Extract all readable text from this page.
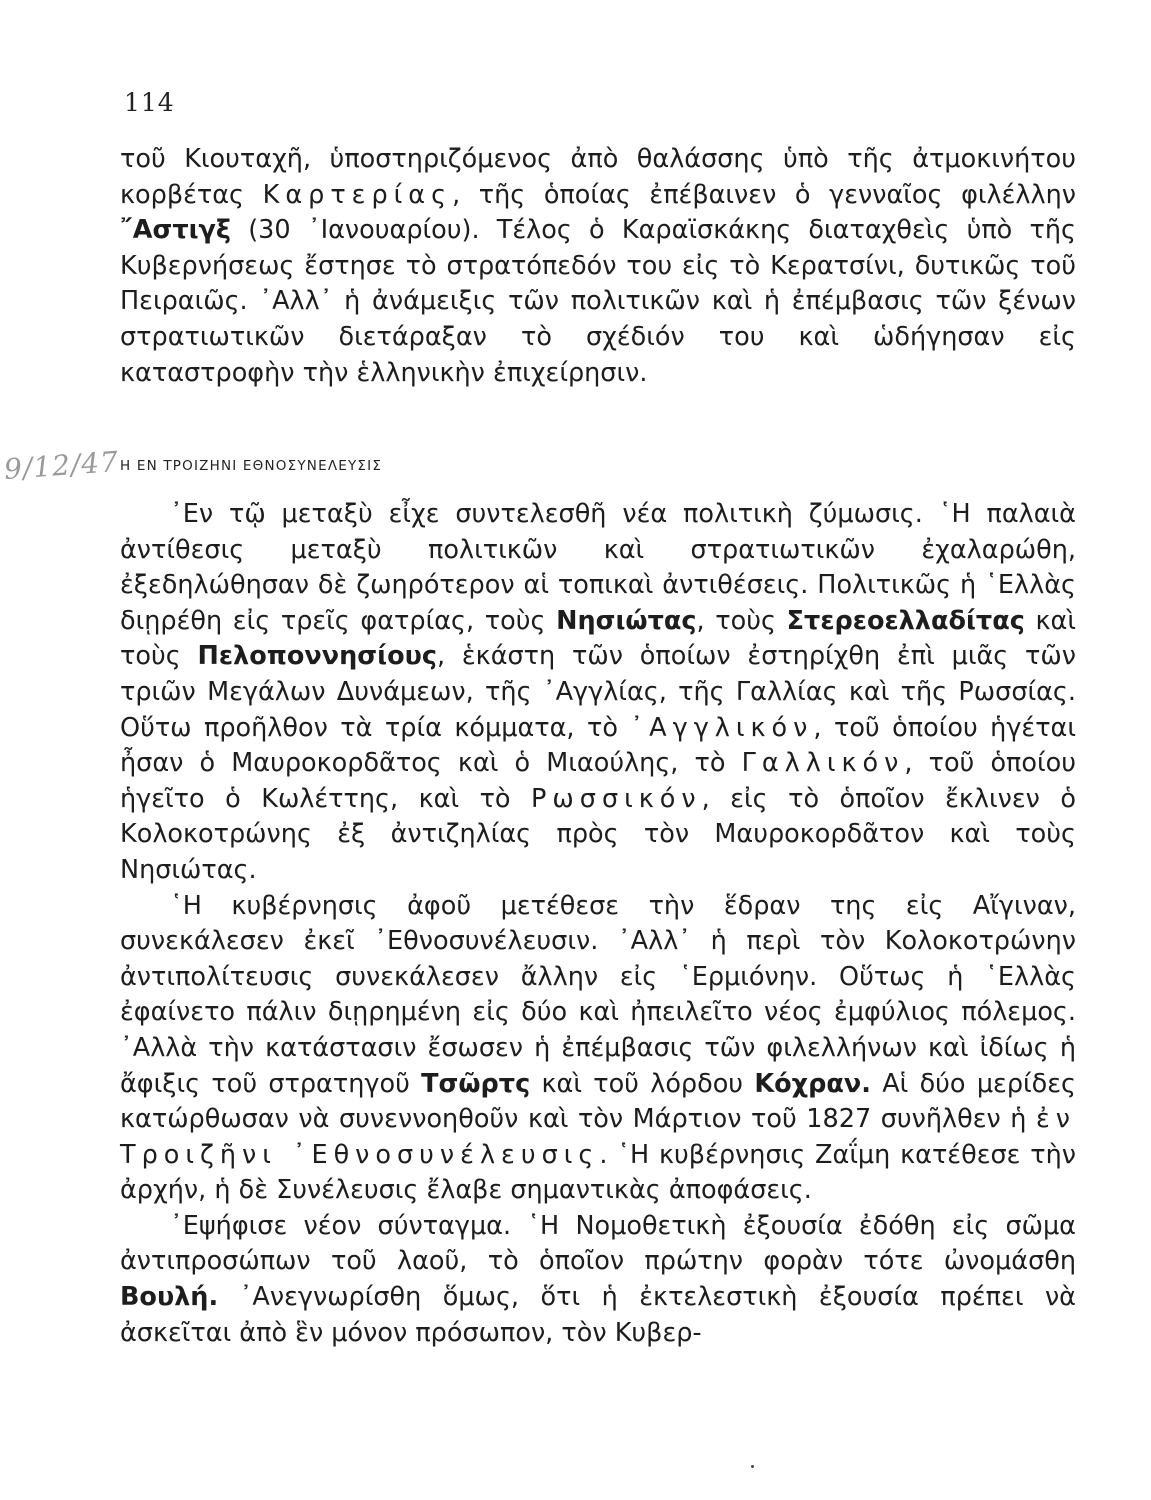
114

τοῦ Κιουταχῆ, ὑποστηριζόμενος ἀπὸ θαλάσσης ὑπὸ τῆς ἀτμοκινήτου κορβέτας Καρτερίας, τῆς ὁποίας ἐπέβαινεν ὁ γενναῖος φιλέλλην ῎Αστιγξ (30 ᾽Ιανουαρίου). Τέλος ὁ Καραϊσκάκης διαταχθεὶς ὑπὸ τῆς Κυβερνήσεως ἔστησε τὸ στρατόπεδόν του εἰς τὸ Κερατσίνι, δυτικῶς τοῦ Πειραιῶς. ᾽Αλλ᾽ ἡ ἀνάμειξις τῶν πολιτικῶν καὶ ἡ ἐπέμβασις τῶν ξένων στρατιωτικῶν διετάραξαν τὸ σχέδιόν του καὶ ὡδήγησαν εἰς καταστροφὴν τὴν ἑλληνικὴν ἐπιχείρησιν.

9/12/47 Η ΕΝ ΤΡΟΙΖΗΝΙ ΕΘΝΟΣΥΝΕΛΕΥΣΙΣ

᾽Εν τῷ μεταξὺ εἶχε συντελεσθῆ νέα πολιτικὴ ζύμωσις. ῾Η παλαιὰ ἀντίθεσις μεταξὺ πολιτικῶν καὶ στρατιωτικῶν ἐχαλαρώθη, ἐξεδηλώθησαν δὲ ζωηρότερον αἱ τοπικαὶ ἀντιθέσεις. Πολιτικῶς ἡ ῾Ελλὰς διῃρέθη εἰς τρεῖς φατρίας, τοὺς Νησιώτας, τοὺς Στερεοελλαδίτας καὶ τοὺς Πελοποννησίους, ἑκάστη τῶν ὁποίων ἐστηρίχθη ἐπὶ μιᾶς τῶν τριῶν Μεγάλων Δυνάμεων, τῆς ᾽Αγγλίας, τῆς Γαλλίας καὶ τῆς Ρωσσίας. Οὕτω προῆλθον τὰ τρία κόμματα, τὸ ᾽Αγγλικόν, τοῦ ὁποίου ἡγέται ἦσαν ὁ Μαυροκορδᾶτος καὶ ὁ Μιαούλης, τὸ Γαλλικόν, τοῦ ὁποίου ἡγεῖτο ὁ Κωλέττης, καὶ τὸ Ρωσσικόν, εἰς τὸ ὁποῖον ἔκλινεν ὁ Κολοκοτρώνης ἐξ ἀντιζηλίας πρὸς τὸν Μαυροκορδᾶτον καὶ τοὺς Νησιώτας.

῾Η κυβέρνησις ἀφοῦ μετέθεσε τὴν ἕδραν της εἰς Αἴγιναν, συνεκάλεσεν ἐκεῖ ᾽Εθνοσυνέλευσιν. ᾽Αλλ᾽ ἡ περὶ τὸν Κολοκοτρώνην ἀντιπολίτευσις συνεκάλεσεν ἄλλην εἰς ῾Ερμιόνην. Οὕτως ἡ ῾Ελλὰς ἐφαίνετο πάλιν διῃρημένη εἰς δύο καὶ ἠπειλεῖτο νέος ἐμφύλιος πόλεμος. ᾽Αλλὰ τὴν κατάστασιν ἔσωσεν ἡ ἐπέμβασις τῶν φιλελλήνων καὶ ἰδίως ἡ ἄφιξις τοῦ στρατηγοῦ Τσῶρτς καὶ τοῦ λόρδου Κόχραν. Αἱ δύο μερίδες κατώρθωσαν νὰ συνεννοηθοῦν καὶ τὸν Μάρτιον τοῦ 1827 συνῆλθεν ἡ ἐν Τροιζῆνι ᾽Εθνοσυνέλευσις. ῾Η κυβέρνησις Ζαΐμη κατέθεσε τὴν ἀρχήν, ἡ δὲ Συνέλευσις ἔλαβε σημαντικὰς ἀποφάσεις.

᾽Εψήφισε νέον σύνταγμα. ῾Η Νομοθετικὴ ἐξουσία ἐδόθη εἰς σῶμα ἀντιπροσώπων τοῦ λαοῦ, τὸ ὁποῖον πρώτην φορὰν τότε ὠνομάσθη Βουλή. ᾽Ανεγνωρίσθη ὅμως, ὅτι ἡ ἐκτελεστικὴ ἐξουσία πρέπει νὰ ἀσκεῖται ἀπὸ ἓν μόνον πρόσωπον, τὸν Κυβερ-
